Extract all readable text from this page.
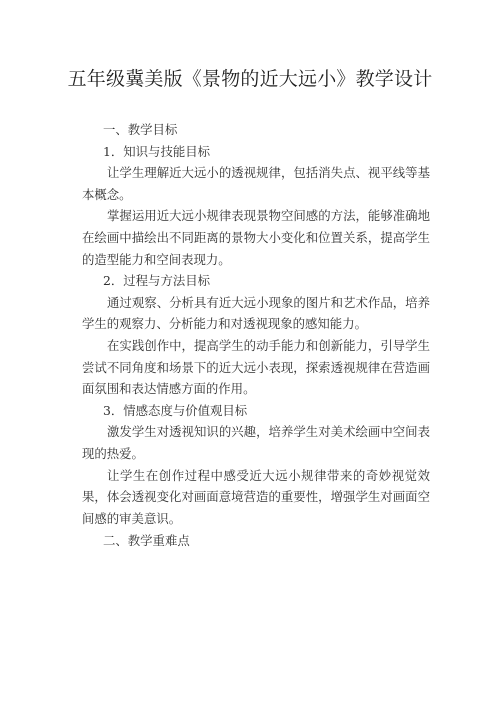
五年级冀美版《景物的近大远小》教学设计

一、教学目标

1．知识与技能目标

让学生理解近大远小的透视规律，包括消失点、视平线等基本概念。

掌握运用近大远小规律表现景物空间感的方法，能够准确地在绘画中描绘出不同距离的景物大小变化和位置关系，提高学生的造型能力和空间表现力。

2．过程与方法目标

通过观察、分析具有近大远小现象的图片和艺术作品，培养学生的观察力、分析能力和对透视现象的感知能力。

在实践创作中，提高学生的动手能力和创新能力，引导学生尝试不同角度和场景下的近大远小表现，探索透视规律在营造画面氛围和表达情感方面的作用。

3．情感态度与价值观目标

激发学生对透视知识的兴趣，培养学生对美术绘画中空间表现的热爱。

让学生在创作过程中感受近大远小规律带来的奇妙视觉效果，体会透视变化对画面意境营造的重要性，增强学生对画面空间感的审美意识。

二、教学重难点
